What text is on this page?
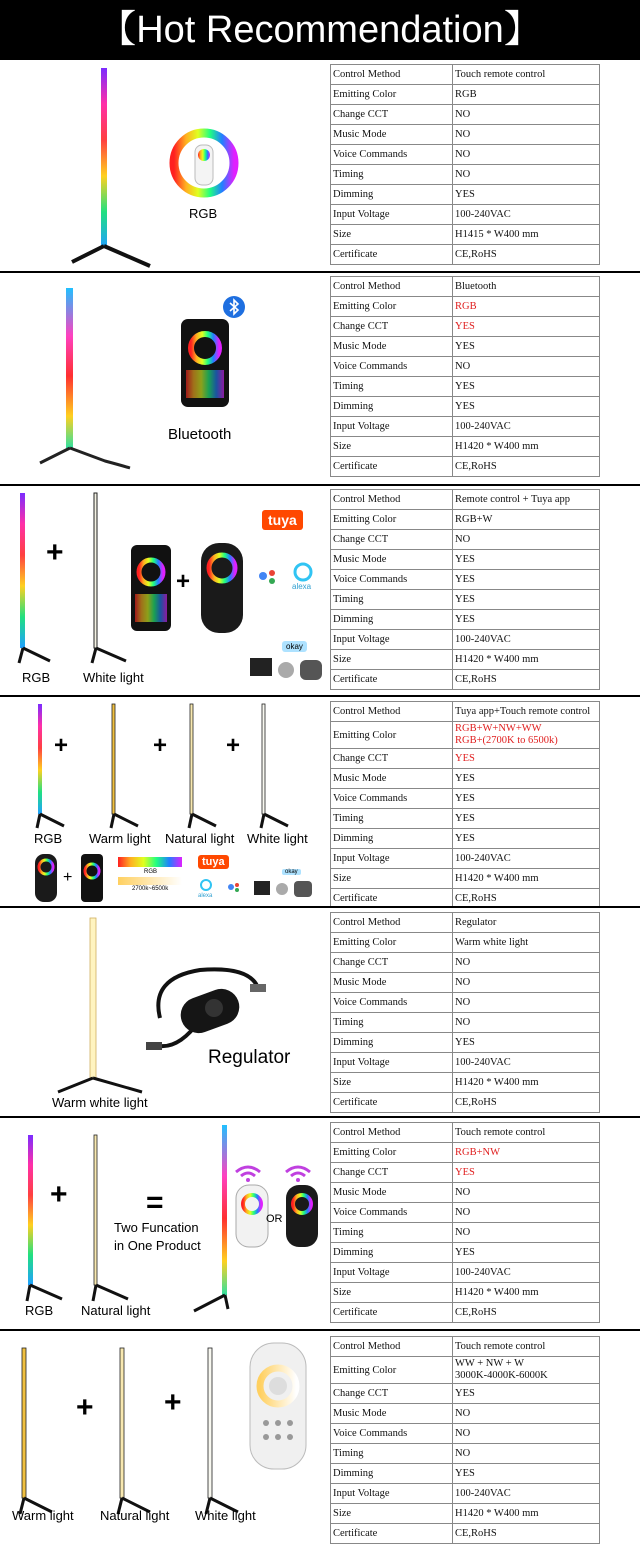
【Hot Recommendation】
RGB
Control Method	Touch remote control
Emitting Color	RGB
Change CCT	NO
Music Mode	NO
Voice Commands	NO
Timing	NO
Dimming	YES
Input Voltage	100-240VAC
Size	H1415 * W400 mm
Certificate	CE,RoHS
Bluetooth
Control Method	Bluetooth
Emitting Color	RGB
Change CCT	YES
Music Mode	YES
Voice Commands	NO
Timing	YES
Dimming	YES
Input Voltage	100-240VAC
Size	H1420 * W400 mm
Certificate	CE,RoHS
+
RGB	White light
+
tuya
alexa
okay
Control Method	Remote control + Tuya app
Emitting Color	RGB+W
Change CCT	NO
Music Mode	YES
Voice Commands	YES
Timing	YES
Dimming	YES
Input Voltage	100-240VAC
Size	H1420 * W400 mm
Certificate	CE,RoHS
+	+ +
RGB Warm light Natural light White light
+	RGB
2700k~6500k
tuya
alexa
okay
Control Method	Tuya app+Touch remote control
Emitting Color	RGB+W+NW+WW
RGB+(2700K to 6500k)

Change CCT	YES
Music Mode	YES
Voice Commands	YES
Timing	YES
Dimming	YES
Input Voltage	100-240VAC
Size	H1420 * W400 mm
Certificate	CE,RoHS
Regulator
Warm white light
Control Method	Regulator
Emitting Color	Warm white light
Change CCT	NO
Music Mode	NO
Voice Commands	NO
Timing	NO
Dimming	YES
Input Voltage	100-240VAC
Size	H1420 * W400 mm
Certificate	CE,RoHS
+	=
Two Funcation
in One Product
RGB Natural light
OR
Control Method	Touch remote control
Emitting Color	RGB+NW
Change CCT	YES
Music Mode	NO
Voice Commands	NO
Timing	NO
Dimming	YES
Input Voltage	100-240VAC
Size	H1420 * W400 mm
Certificate	CE,RoHS
+ +
Warm light Natural light White light
Control Method	Touch remote control
Emitting Color	WW + NW + W
3000K-4000K-6000K

Change CCT	YES
Music Mode	NO
Voice Commands	NO
Timing	NO
Dimming	YES
Input Voltage	100-240VAC
Size	H1420 * W400 mm
Certificate	CE,RoHS
